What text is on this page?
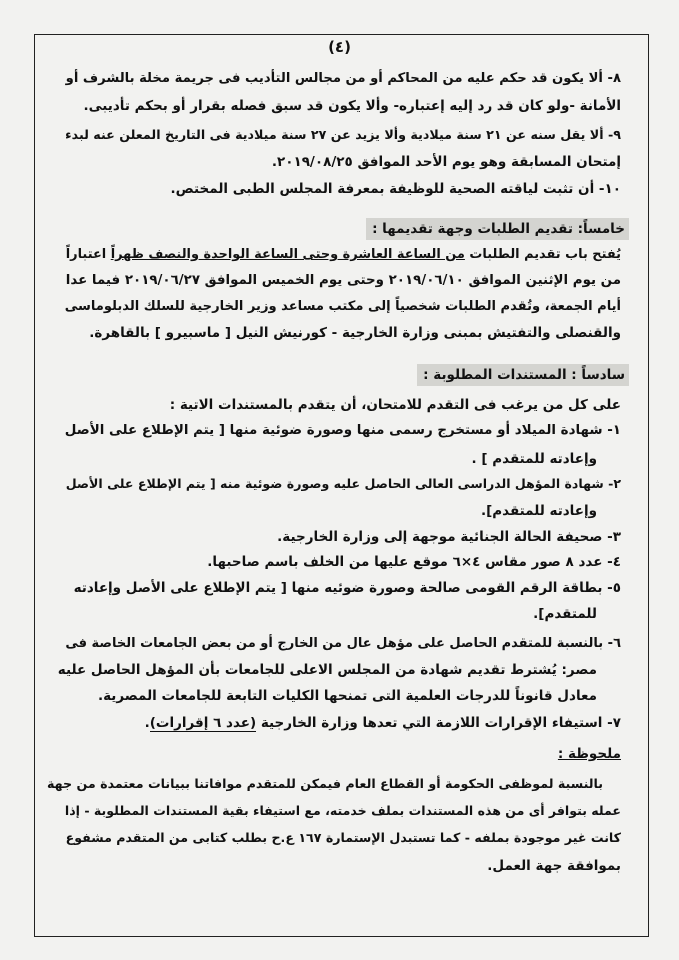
(٤)
٨- ألا يكون قد حكم عليه من المحاكم أو من مجالس التأديب فى جريمة مخلة بالشرف أو
الأمانة -ولو كان قد رد إليه إعتباره- وألا يكون قد سبق فصله بقرار أو بحكم تأديبى.
٩- ألا يقل سنه عن ٢١ سنة ميلادية وألا يزيد عن ٢٧ سنة ميلادية فى التاريخ المعلن عنه لبدء
إمتحان المسابقة وهو يوم الأحد الموافق ٢٠١٩/٠٨/٢٥.
١٠- أن تثبت لياقته الصحية للوظيفة بمعرفة المجلس الطبى المختص.
خامساً: تقديم الطلبات وجهة تقديمها :
يُفتح باب تقديم الطلبات من الساعة العاشرة وحتى الساعة الواحدة والنصف ظهراً اعتباراً
من يوم الإثنين الموافق ٢٠١٩/٠٦/١٠ وحتى يوم الخميس الموافق ٢٠١٩/٠٦/٢٧ فيما عدا
أيام الجمعة، وتُقدم الطلبات شخصياً إلى مكتب مساعد وزير الخارجية للسلك الدبلوماسى
والقنصلى والتفتيش بمبنى وزارة الخارجية - كورنيش النيل [ ماسبيرو ] بالقاهرة.
سادساً : المستندات المطلوبة :
على كل من يرغب فى التقدم للامتحان، أن يتقدم بالمستندات الاتية :
١- شهادة الميلاد أو مستخرج رسمى منها وصورة ضوئية منها [ يتم الإطلاع على الأصل
وإعادته للمتقدم ] .
٢- شهادة المؤهل الدراسى العالى الحاصل عليه وصورة ضوئية منه [ يتم الإطلاع على الأصل
وإعادته للمتقدم].
٣- صحيفة الحالة الجنائية موجهة إلى وزارة الخارجية.
٤- عدد ٨ صور مقاس ٤×٦ موقع عليها من الخلف باسم صاحبها.
٥- بطاقة الرقم القومى صالحة وصورة ضوئيه منها [ يتم الإطلاع على الأصل وإعادته
للمتقدم].
٦- بالنسبة للمتقدم الحاصل على مؤهل عال من الخارج أو من بعض الجامعات الخاصة فى
مصر: يُشترط تقديم شهادة من المجلس الاعلى للجامعات بأن المؤهل الحاصل عليه
معادل قانوناً للدرجات العلمية التى تمنحها الكليات التابعة للجامعات المصرية.
٧- استيفاء الإقرارات اللازمة التي تعدها وزارة الخارجية (عدد ٦ إقرارات).
ملحوظة :
بالنسبة لموظفى الحكومة أو القطاع العام فيمكن للمتقدم موافاتنا ببيانات معتمدة من جهة
عمله بتوافر أى من هذه المستندات بملف خدمته، مع استيفاء بقية المستندات المطلوبة - إذا
كانت غير موجودة بملفه - كما تستبدل الإستمارة ١٦٧ ع.ح بطلب كتابى من المتقدم مشفوع
بموافقة جهة العمل.
